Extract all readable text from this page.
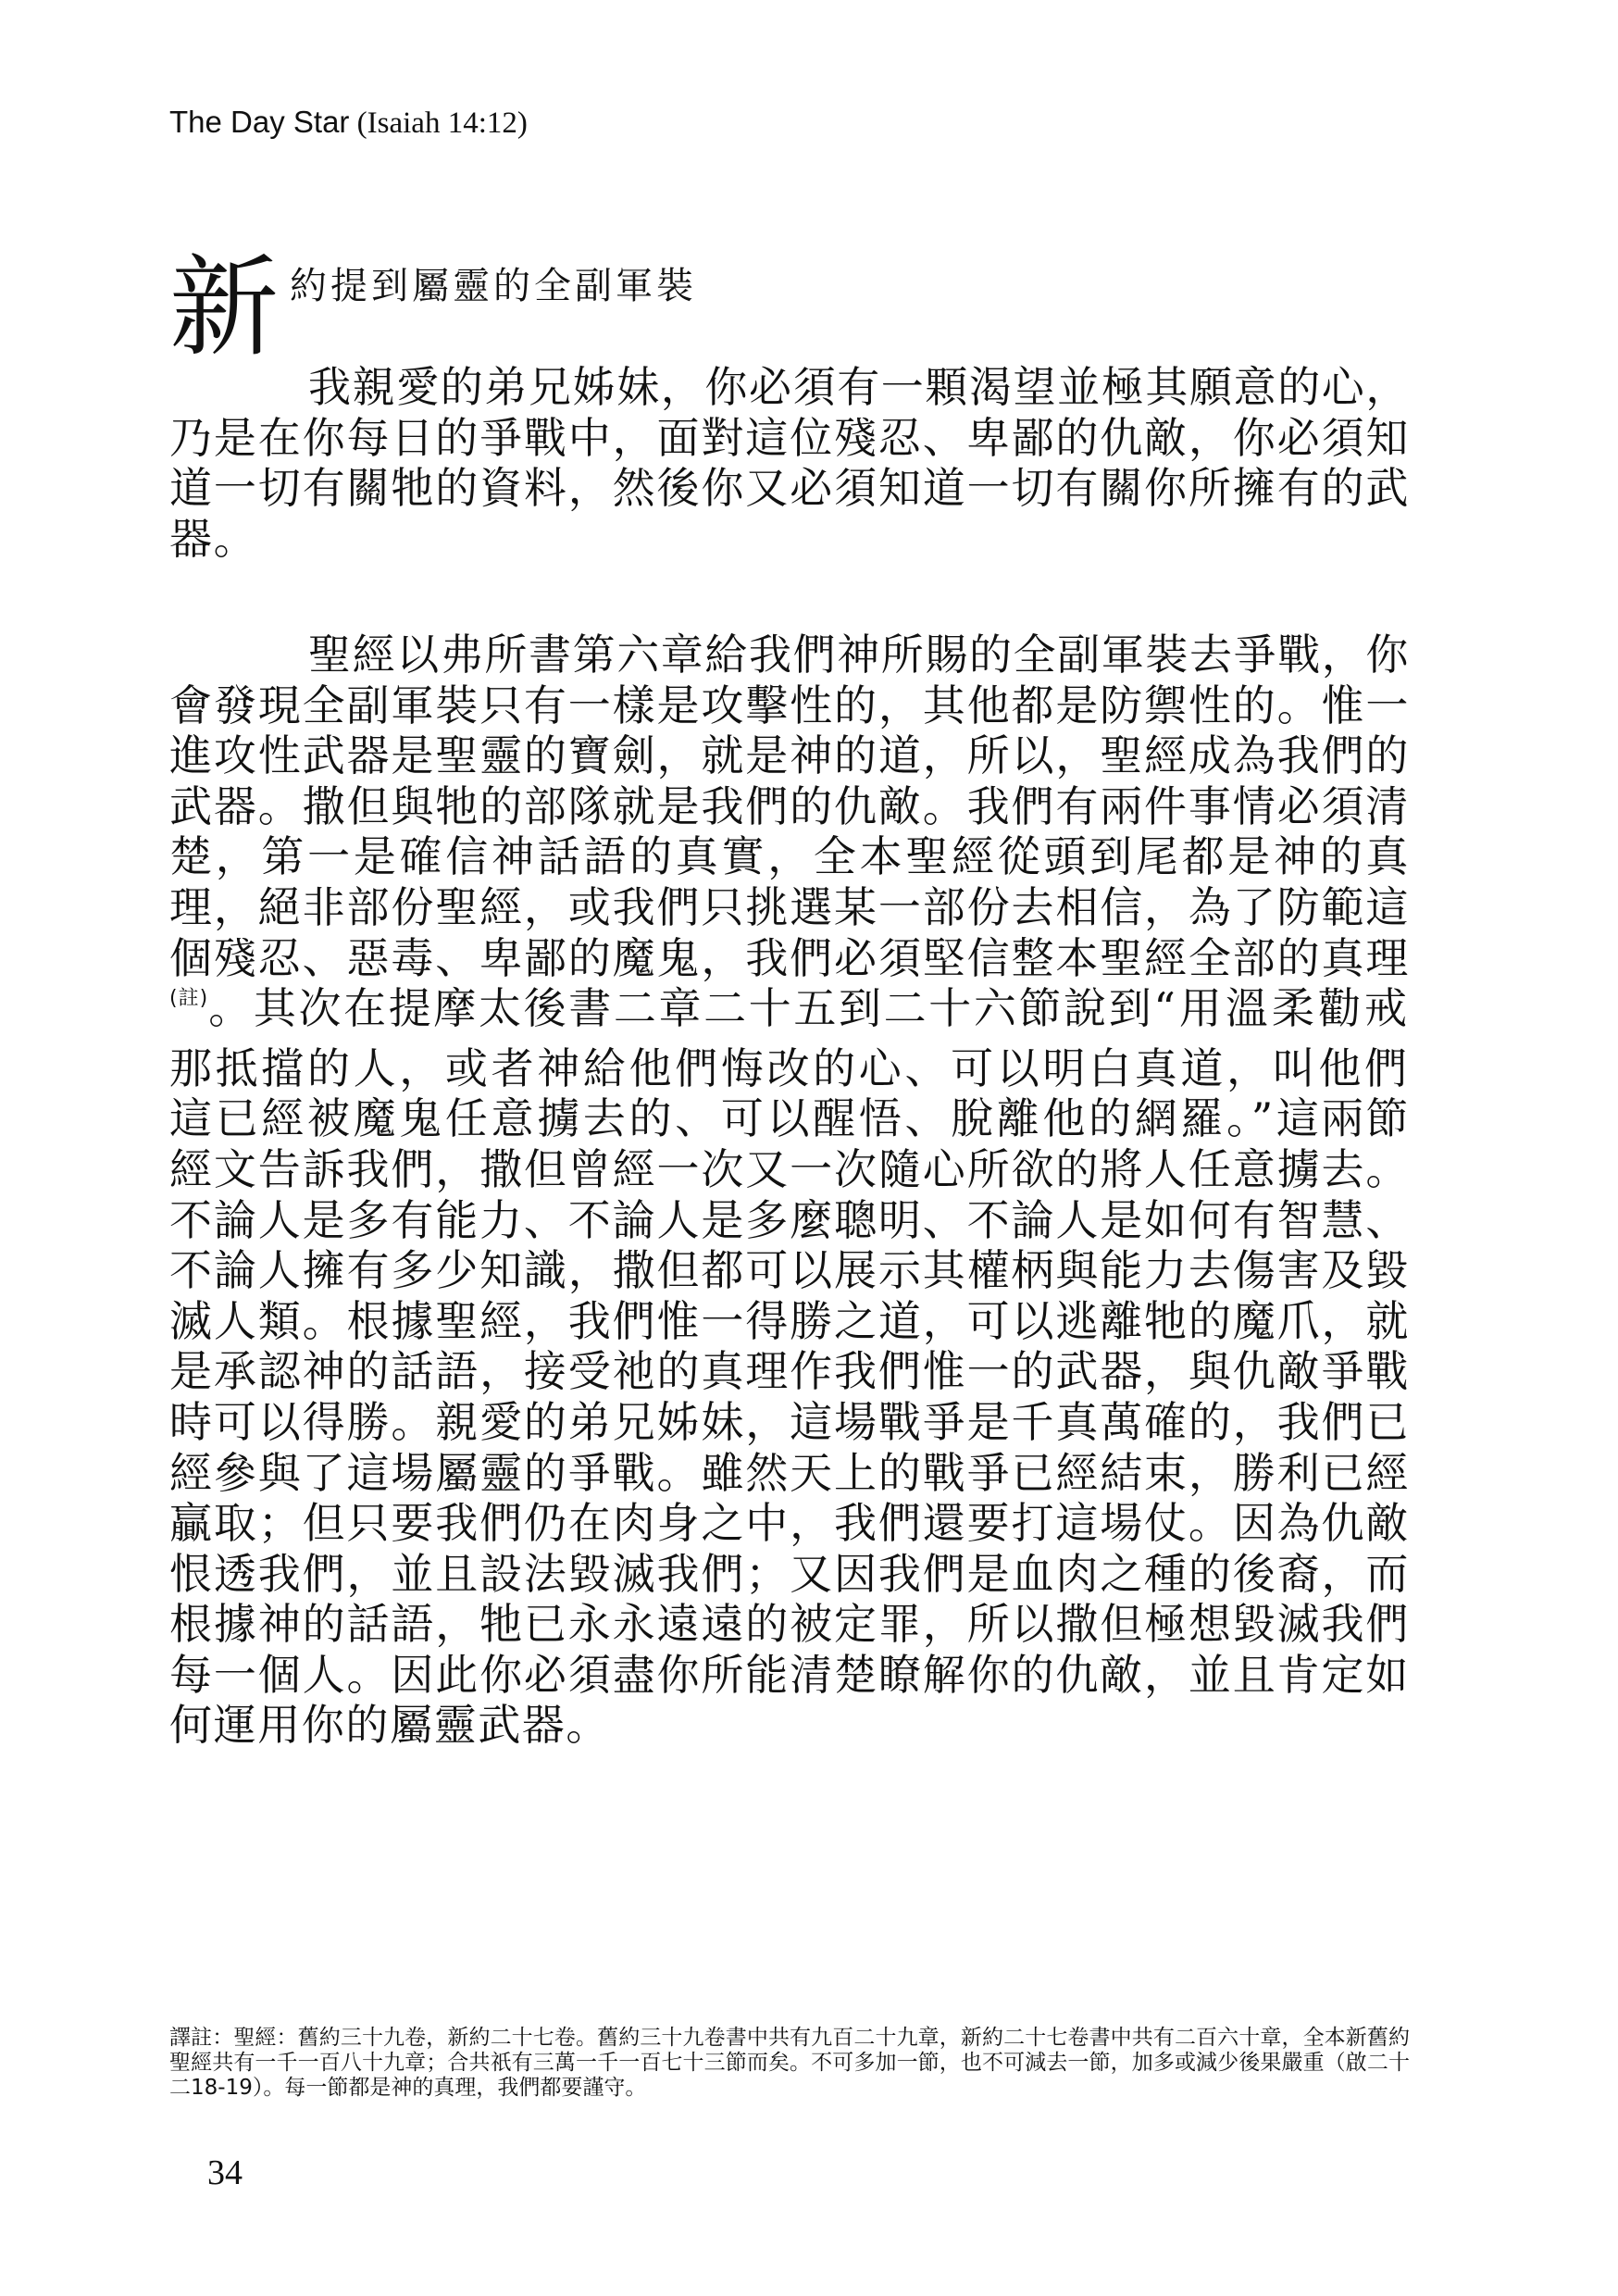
The Day Star (Isaiah 14:12)
新 約提到屬靈的全副軍裝

我親愛的弟兄姊妹，你必須有一顆渴望並極其願意的心，乃是在你每日的爭戰中，面對這位殘忍、卑鄙的仇敵，你必須知道一切有關牠的資料，然後你又必須知道一切有關你所擁有的武器。

聖經以弗所書第六章給我們神所賜的全副軍裝去爭戰，你會發現全副軍裝只有一樣是攻擊性的，其他都是防禦性的。惟一進攻性武器是聖靈的寶劍，就是神的道，所以，聖經成為我們的武器。撒但與牠的部隊就是我們的仇敵。我們有兩件事情必須清楚，第一是確信神話語的真實，全本聖經從頭到尾都是神的真理，絕非部份聖經，或我們只挑選某一部份去相信，為了防範這個殘忍、惡毒、卑鄙的魔鬼，我們必須堅信整本聖經全部的真理$^{(註)}$。其次在提摩太後書二章二十五到二十六節說到“用溫柔勸戒那抵擋的人，或者神給他們悔改的心、可以明白真道，叫他們這已經被魔鬼任意擄去的、可以醒悟、脫離他的網羅。”這兩節經文告訴我們，撒但曾經一次又一次隨心所欲的將人任意擄去。不論人是多有能力、不論人是多麼聰明、不論人是如何有智慧、不論人擁有多少知識，撒但都可以展示其權柄與能力去傷害及毀滅人類。根據聖經，我們惟一得勝之道，可以逃離牠的魔爪，就是承認神的話語，接受祂的真理作我們惟一的武器，與仇敵爭戰時可以得勝。親愛的弟兄姊妹，這場戰爭是千真萬確的，我們已經參與了這場屬靈的爭戰。雖然天上的戰爭已經結束，勝利已經贏取；但只要我們仍在肉身之中，我們還要打這場仗。因為仇敵恨透我們，並且設法毀滅我們；又因我們是血肉之種的後裔，而根據神的話語，牠已永永遠遠的被定罪，所以撒但極想毀滅我們每一個人。因此你必須盡你所能清楚瞭解你的仇敵，並且肯定如何運用你的屬靈武器。

譯註：聖經：舊約三十九卷，新約二十七卷。舊約三十九卷書中共有九百二十九章，新約二十七卷書中共有二百六十章，全本新舊約聖經共有一千一百八十九章；合共祇有三萬一千一百七十三節而矣。不可多加一節，也不可減去一節，加多或減少後果嚴重（啟二十二18-19）。每一節都是神的真理，我們都要謹守。

34
